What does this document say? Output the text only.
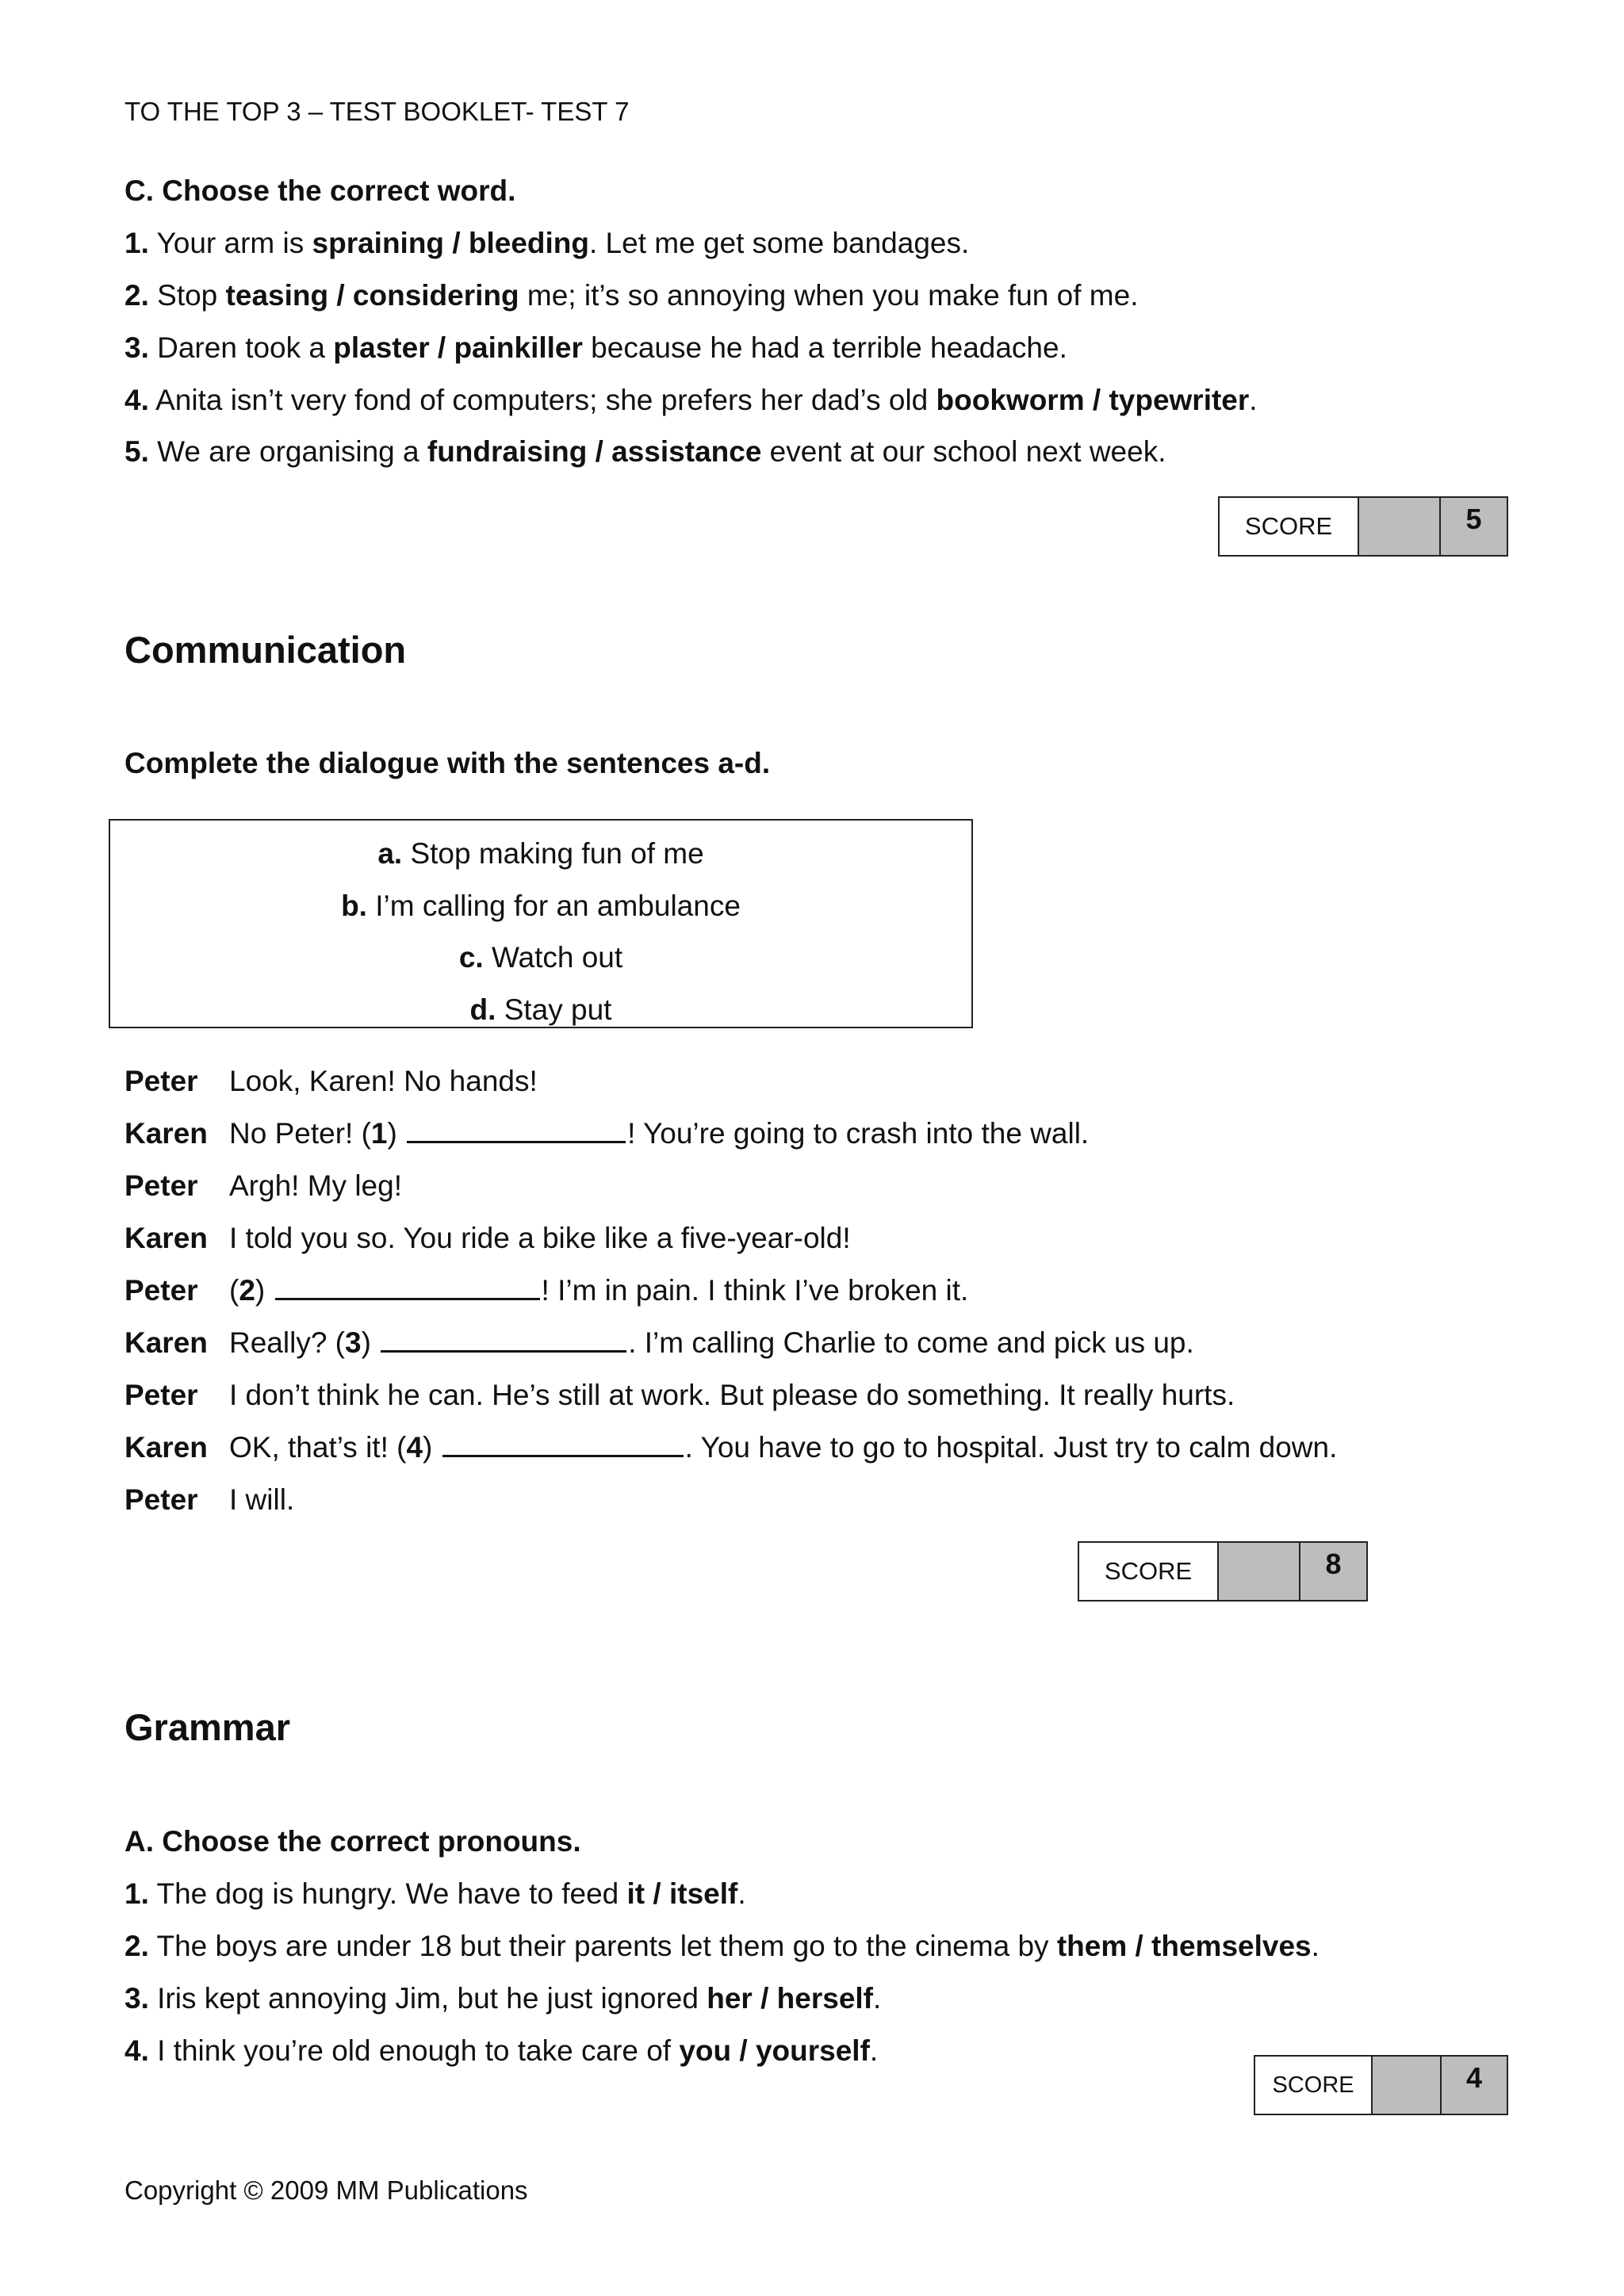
TO THE TOP 3 – TEST BOOKLET- TEST 7
C. Choose the correct word.
1. Your arm is spraining / bleeding. Let me get some bandages.
2. Stop teasing / considering me; it’s so annoying when you make fun of me.
3. Daren took a plaster / painkiller because he had a terrible headache.
4. Anita isn’t very fond of computers; she prefers her dad’s old bookworm / typewriter.
5. We are organising a fundraising / assistance event at our school next week.
SCORE	5
Communication
Complete the dialogue with the sentences a-d.
a. Stop making fun of me
b. I’m calling for an ambulance
c. Watch out
d. Stay put
Peter Look, Karen! No hands!
Karen No Peter! (1)	! You’re going to crash into the wall.
Peter Argh! My leg!
Karen I told you so. You ride a bike like a five-year-old!
Peter (2)	! I’m in pain. I think I’ve broken it.
Karen Really? (3)	. I’m calling Charlie to come and pick us up.
Peter I don’t think he can. He’s still at work. But please do something. It really hurts.
Karen OK, that’s it! (4)	. You have to go to hospital. Just try to calm down.
Peter I will.
SCORE	8
Grammar
A. Choose the correct pronouns.
1. The dog is hungry. We have to feed it / itself.
2. The boys are under 18 but their parents let them go to the cinema by them / themselves.
3. Iris kept annoying Jim, but he just ignored her / herself.
4. I think you’re old enough to take care of you / yourself.
SCORE	4
Copyright © 2009 MM Publications
